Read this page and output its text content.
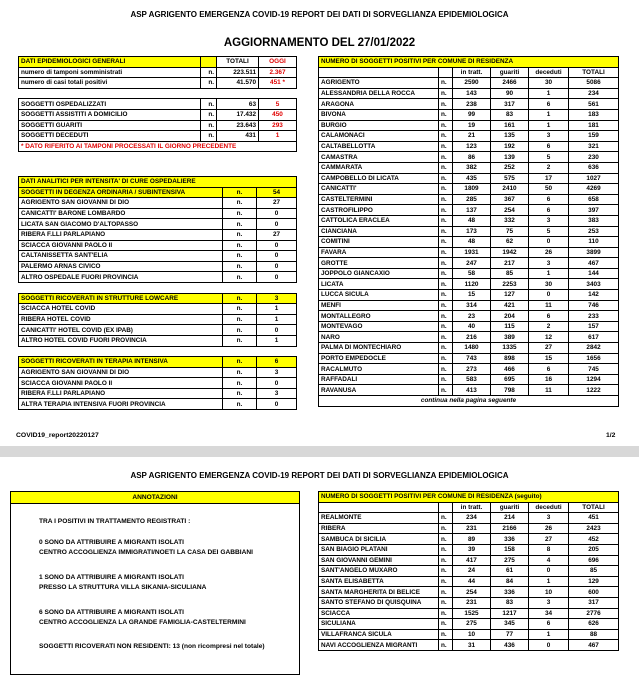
ASP AGRIGENTO EMERGENZA COVID-19 REPORT DEI DATI DI SORVEGLIANZA EPIDEMIOLOGICA
AGGIORNAMENTO DEL 27/01/2022
DATI EPIDEMIOLOGICI GENERALI		TOTALI	OGGI
numero di tamponi somministrati	n.	223.511	2.367
numero di casi totali positivi	n.	41.570	451 *

SOGGETTI OSPEDALIZZATI	n.	63	5
SOGGETTI ASSISTITI A DOMICILIO	n.	17.432	450
SOGGETTI GUARITI	n.	23.643	293
SOGGETTI DECEDUTI	n.	431	1
* DATO RIFERITO AI TAMPONI PROCESSATI IL GIORNO PRECEDENTE			
DATI ANALITICI PER INTENSITA' DI CURE OSPEDALIERE		
SOGGETTI IN DEGENZA ORDINARIA / SUBINTENSIVA	n.	54
AGRIGENTO SAN GIOVANNI DI DIO	n.	27
CANICATTI' BARONE LOMBARDO	n.	0
LICATA SAN GIACOMO D'ALTOPASSO	n.	0
RIBERA F.LLI PARLAPIANO	n.	27
SCIACCA GIOVANNI PAOLO II	n.	0
CALTANISSETTA SANT'ELIA	n.	0
PALERMO ARNAS CIVICO	n.	0
ALTRO OSPEDALE FUORI PROVINCIA	n.	0

SOGGETTI RICOVERATI IN STRUTTURE LOWCARE	n.	3
SCIACCA HOTEL COVID	n.	1
RIBERA HOTEL COVID	n.	1
CANICATTI' HOTEL COVID (EX IPAB)	n.	0
ALTRO HOTEL COVID FUORI PROVINCIA	n.	1

SOGGETTI RICOVERATI IN TERAPIA INTENSIVA	n.	6
AGRIGENTO SAN GIOVANNI DI DIO	n.	3
SCIACCA GIOVANNI PAOLO II	n.	0
RIBERA F.LLI PARLAPIANO	n.	3
ALTRA TERAPIA INTENSIVA FUORI PROVINCIA	n.	0
NUMERO DI SOGGETTI POSITIVI PER COMUNE DI RESIDENZA					
		in tratt.	guariti	deceduti	TOTALI
AGRIGENTO	n.	2590	2466	30	5086
ALESSANDRIA DELLA ROCCA	n.	143	90	1	234
ARAGONA	n.	238	317	6	561
BIVONA	n.	99	83	1	183
BURGIO	n.	19	161	1	181
CALAMONACI	n.	21	135	3	159
CALTABELLOTTA	n.	123	192	6	321
CAMASTRA	n.	86	139	5	230
CAMMARATA	n.	382	252	2	636
CAMPOBELLO DI LICATA	n.	435	575	17	1027
CANICATTI'	n.	1809	2410	50	4269
CASTELTERMINI	n.	285	367	6	658
CASTROFILIPPO	n.	137	254	6	397
CATTOLICA ERACLEA	n.	48	332	3	383
CIANCIANA	n.	173	75	5	253
COMITINI	n.	48	62	0	110
FAVARA	n.	1931	1942	26	3899
GROTTE	n.	247	217	3	467
JOPPOLO GIANCAXIO	n.	58	85	1	144
LICATA	n.	1120	2253	30	3403
LUCCA SICULA	n.	15	127	0	142
MENFI	n.	314	421	11	746
MONTALLEGRO	n.	23	204	6	233
MONTEVAGO	n.	40	115	2	157
NARO	n.	216	389	12	617
PALMA DI MONTECHIARO	n.	1480	1335	27	2842
PORTO EMPEDOCLE	n.	743	898	15	1656
RACALMUTO	n.	273	466	6	745
RAFFADALI	n.	583	695	16	1294
RAVANUSA	n.	413	798	11	1222
continua nella pagina seguente					
COVID19_report20220127	1/2
ASP AGRIGENTO EMERGENZA COVID-19 REPORT DEI DATI DI SORVEGLIANZA EPIDEMIOLOGICA
ANNOTAZIONI

TRA I POSITIVI IN TRATTAMENTO REGISTRATI :

0 SONO DA ATTRIBUIRE A MIGRANTI ISOLATI

CENTRO ACCOGLIENZA IMMIGRATI/NOETI LA CASA DEI GABBIANI

1 SONO DA ATTRIBUIRE A MIGRANTI ISOLATI

PRESSO LA STRUTTURA VILLA SIKANIA-SICULIANA

6 SONO DA ATTRIBUIRE A MIGRANTI ISOLATI

CENTRO ACCOGLIENZA LA GRANDE FAMIGLIA-CASTELTERMINI

SOGGETTI RICOVERATI NON RESIDENTI: 13 (non ricompresi nel totale)

NUMERO DI SOGGETTI POSITIVI PER COMUNE DI RESIDENZA (seguito)					
		in tratt.	guariti	deceduti	TOTALI
REALMONTE	n.	234	214	3	451
RIBERA	n.	231	2166	26	2423
SAMBUCA DI SICILIA	n.	89	336	27	452
SAN BIAGIO PLATANI	n.	39	158	8	205
SAN GIOVANNI GEMINI	n.	417	275	4	696
SANT'ANGELO MUXARO	n.	24	61	0	85
SANTA ELISABETTA	n.	44	84	1	129
SANTA MARGHERITA DI BELICE	n.	254	336	10	600
SANTO STEFANO DI QUISQUINA	n.	231	83	3	317
SCIACCA	n.	1525	1217	34	2776
SICULIANA	n.	275	345	6	626
VILLAFRANCA SICULA	n.	10	77	1	88
NAVI ACCOGLIENZA MIGRANTI	n.	31	436	0	467
